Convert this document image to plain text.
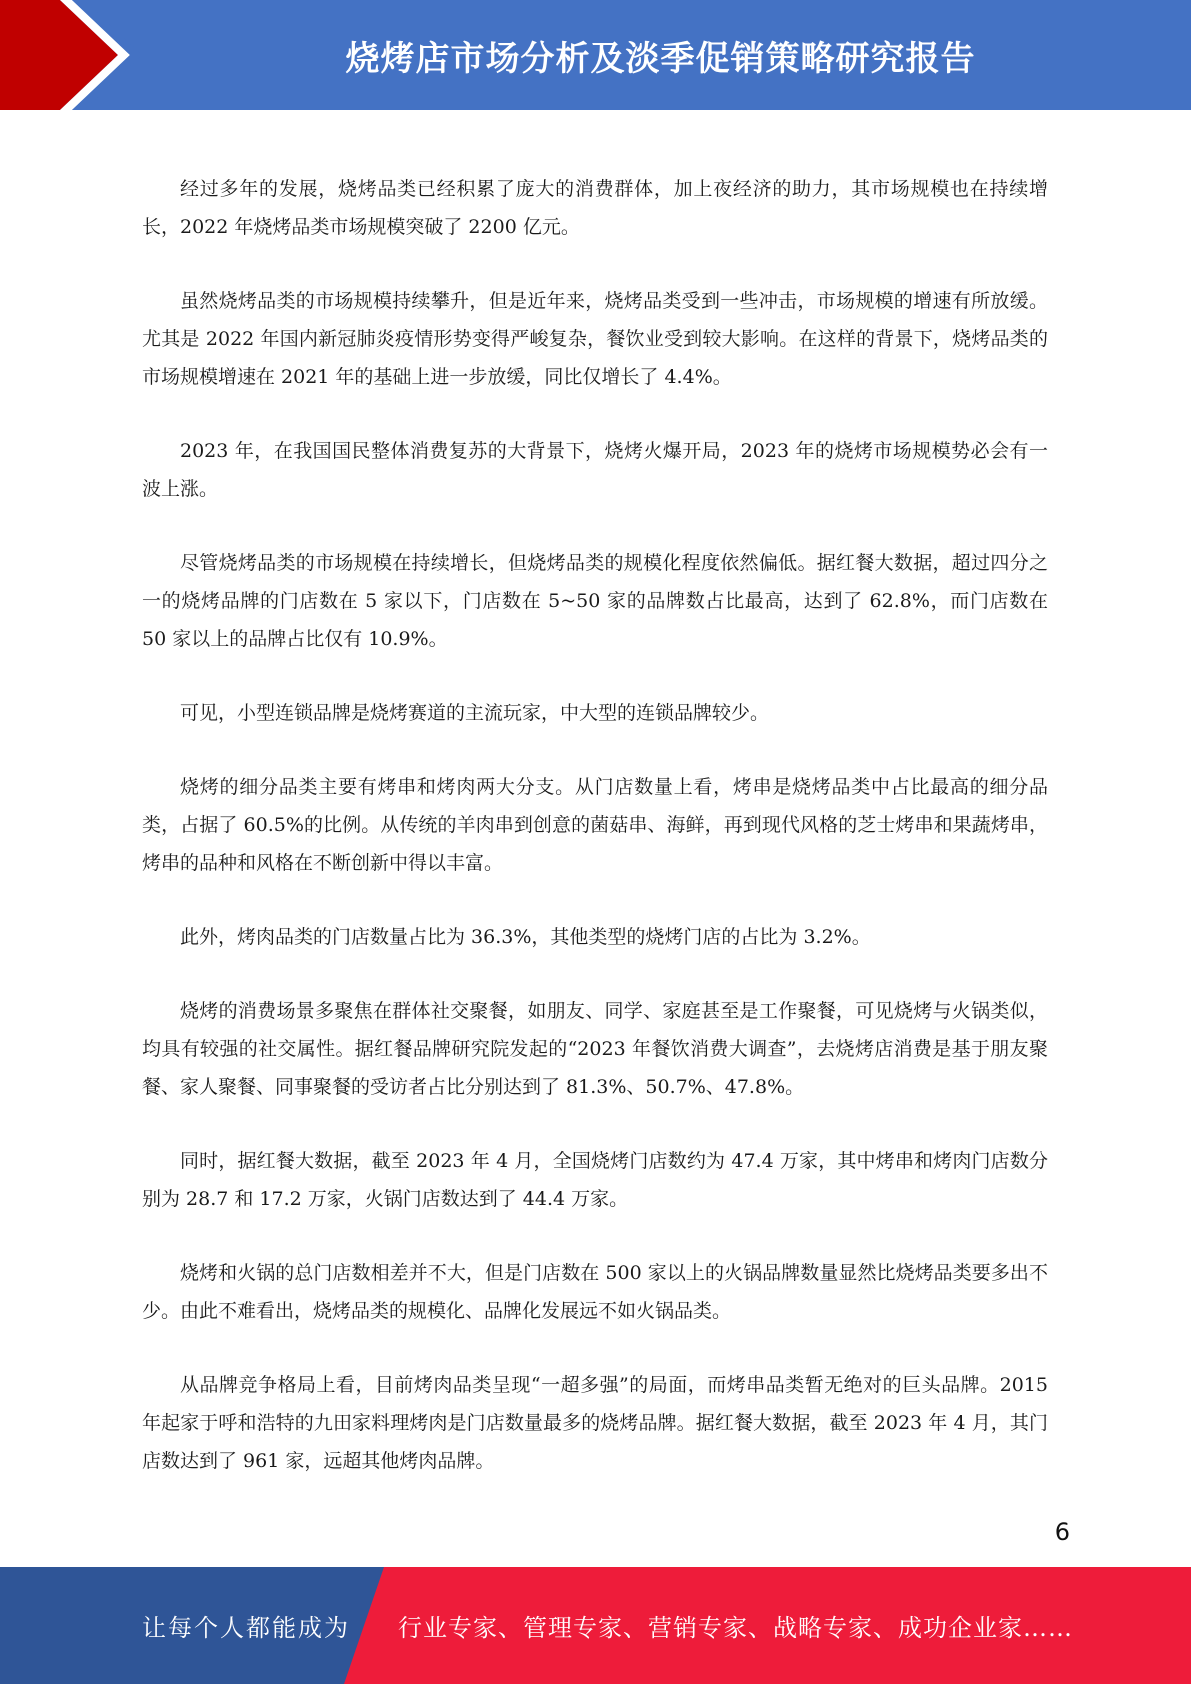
烧烤店市场分析及淡季促销策略研究报告

经过多年的发展，烧烤品类已经积累了庞大的消费群体，加上夜经济的助力，其市场规模也在持续增长，2022 年烧烤品类市场规模突破了 2200 亿元。

虽然烧烤品类的市场规模持续攀升，但是近年来，烧烤品类受到一些冲击，市场规模的增速有所放缓。尤其是 2022 年国内新冠肺炎疫情形势变得严峻复杂，餐饮业受到较大影响。在这样的背景下，烧烤品类的市场规模增速在 2021 年的基础上进一步放缓，同比仅增长了 4.4%。

2023 年，在我国国民整体消费复苏的大背景下，烧烤火爆开局，2023 年的烧烤市场规模势必会有一波上涨。

尽管烧烤品类的市场规模在持续增长，但烧烤品类的规模化程度依然偏低。据红餐大数据，超过四分之一的烧烤品牌的门店数在 5 家以下，门店数在 5~50 家的品牌数占比最高，达到了 62.8%，而门店数在 50 家以上的品牌占比仅有 10.9%。

可见，小型连锁品牌是烧烤赛道的主流玩家，中大型的连锁品牌较少。

烧烤的细分品类主要有烤串和烤肉两大分支。从门店数量上看，烤串是烧烤品类中占比最高的细分品类，占据了 60.5%的比例。从传统的羊肉串到创意的菌菇串、海鲜，再到现代风格的芝士烤串和果蔬烤串，烤串的品种和风格在不断创新中得以丰富。

此外，烤肉品类的门店数量占比为 36.3%，其他类型的烧烤门店的占比为 3.2%。

烧烤的消费场景多聚焦在群体社交聚餐，如朋友、同学、家庭甚至是工作聚餐，可见烧烤与火锅类似，均具有较强的社交属性。据红餐品牌研究院发起的“2023 年餐饮消费大调查”，去烧烤店消费是基于朋友聚餐、家人聚餐、同事聚餐的受访者占比分别达到了 81.3%、50.7%、47.8%。

同时，据红餐大数据，截至 2023 年 4 月，全国烧烤门店数约为 47.4 万家，其中烤串和烤肉门店数分别为 28.7 和 17.2 万家，火锅门店数达到了 44.4 万家。

烧烤和火锅的总门店数相差并不大，但是门店数在 500 家以上的火锅品牌数量显然比烧烤品类要多出不少。由此不难看出，烧烤品类的规模化、品牌化发展远不如火锅品类。

从品牌竞争格局上看，目前烤肉品类呈现“一超多强”的局面，而烤串品类暂无绝对的巨头品牌。2015 年起家于呼和浩特的九田家料理烤肉是门店数量最多的烧烤品牌。据红餐大数据，截至 2023 年 4 月，其门店数达到了 961 家，远超其他烤肉品牌。

6
让每个人都能成为 行业专家、管理专家、营销专家、战略专家、成功企业家……
